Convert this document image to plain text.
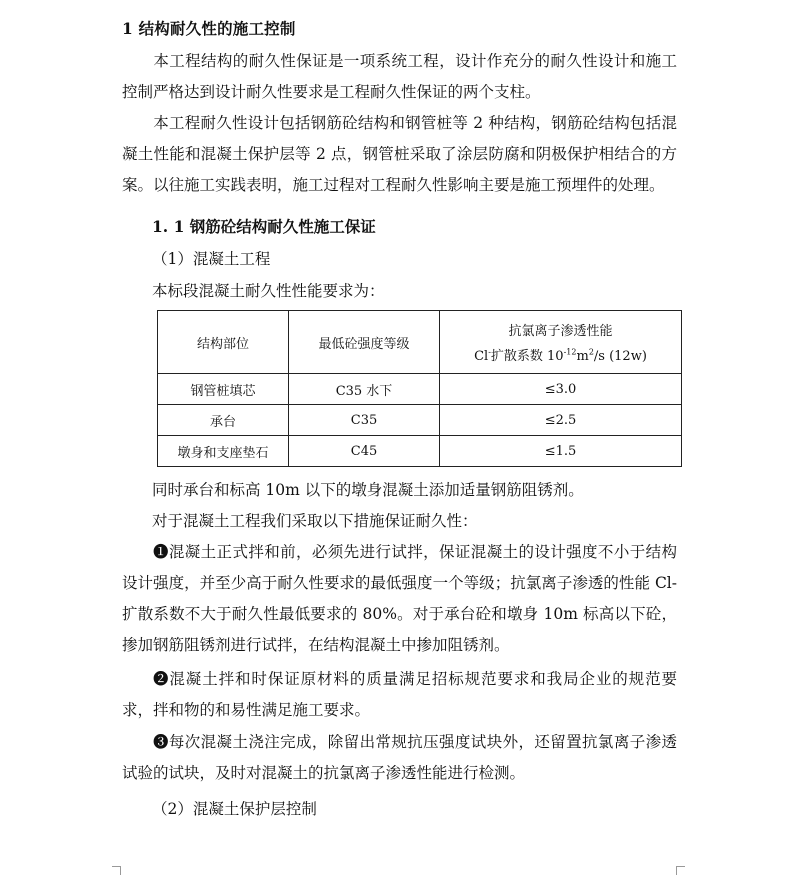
1 结构耐久性的施工控制
本工程结构的耐久性保证是一项系统工程，设计作充分的耐久性设计和施工控制严格达到设计耐久性要求是工程耐久性保证的两个支柱。
本工程耐久性设计包括钢筋砼结构和钢管桩等 2 种结构，钢筋砼结构包括混凝土性能和混凝土保护层等 2 点，钢管桩采取了涂层防腐和阴极保护相结合的方案。以往施工实践表明，施工过程对工程耐久性影响主要是施工预埋件的处理。
1. 1 钢筋砼结构耐久性施工保证
（1）混凝土工程
本标段混凝土耐久性性能要求为：
结构部位	最低砼强度等级	抗氯离子渗透性能
Cl-扩散系数 $10^{-12}m^2/s$ (12w)

钢管桩填芯	C35 水下	≤3.0
承台	C35	≤2.5
墩身和支座垫石	C45	≤1.5
同时承台和标高 10m 以下的墩身混凝土添加适量钢筋阻锈剂。
对于混凝土工程我们采取以下措施保证耐久性：
➊混凝土正式拌和前，必须先进行试拌，保证混凝土的设计强度不小于结构设计强度，并至少高于耐久性要求的最低强度一个等级；抗氯离子渗透的性能 Cl-扩散系数不大于耐久性最低要求的 80%。对于承台砼和墩身 10m 标高以下砼，掺加钢筋阻锈剂进行试拌，在结构混凝土中掺加阻锈剂。
➋混凝土拌和时保证原材料的质量满足招标规范要求和我局企业的规范要求，拌和物的和易性满足施工要求。
➌每次混凝土浇注完成，除留出常规抗压强度试块外，还留置抗氯离子渗透试验的试块，及时对混凝土的抗氯离子渗透性能进行检测。
（2）混凝土保护层控制
